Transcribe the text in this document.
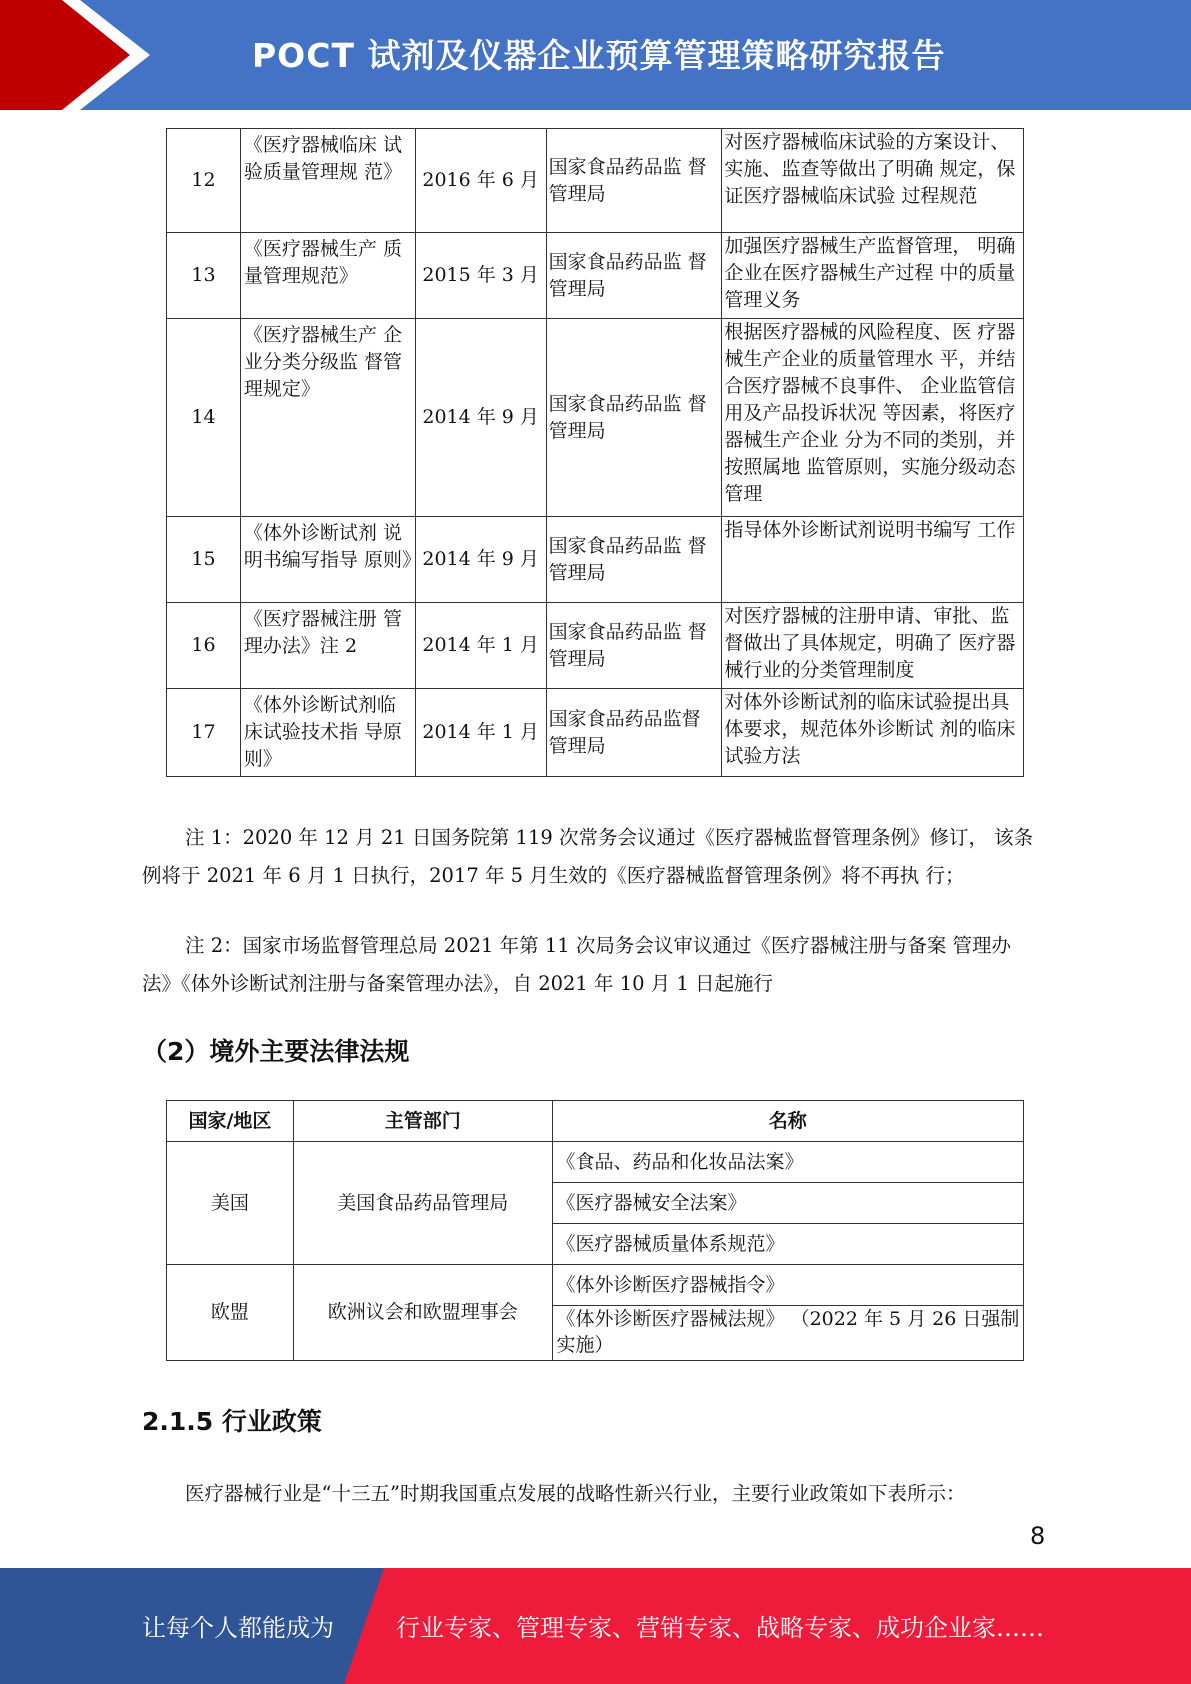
POCT 试剂及仪器企业预算管理策略研究报告
12	《医疗器械临床 试验质量管理规 范》	2016 年 6 月	国家食品药品监 督管理局	对医疗器械临床试验的方案设计、实施、监查等做出了明确 规定，保证医疗器械临床试验 过程规范
13	《医疗器械生产 质量管理规范》	2015 年 3 月	国家食品药品监 督管理局	加强医疗器械生产监督管理， 明确企业在医疗器械生产过程 中的质量管理义务
14	《医疗器械生产 企业分类分级监 督管理规定》	2014 年 9 月	国家食品药品监 督管理局	根据医疗器械的风险程度、医 疗器械生产企业的质量管理水 平，并结合医疗器械不良事件、 企业监管信用及产品投诉状况 等因素，将医疗器械生产企业 分为不同的类别，并按照属地 监管原则，实施分级动态管理
15	《体外诊断试剂 说明书编写指导 原则》	2014 年 9 月	国家食品药品监 督管理局	指导体外诊断试剂说明书编写 工作
16	《医疗器械注册 管理办法》注 2	2014 年 1 月	国家食品药品监 督管理局	对医疗器械的注册申请、审批、监督做出了具体规定，明确了 医疗器械行业的分类管理制度
17	《体外诊断试剂临床试验技术指 导原则》	2014 年 1 月	国家食品药品监督管理局	对体外诊断试剂的临床试验提出具体要求，规范体外诊断试 剂的临床试验方法
注 1：2020 年 12 月 21 日国务院第 119 次常务会议通过《医疗器械监督管理条例》修订， 该条例将于 2021 年 6 月 1 日执行，2017 年 5 月生效的《医疗器械监督管理条例》将不再执 行；
注 2：国家市场监督管理总局 2021 年第 11 次局务会议审议通过《医疗器械注册与备案 管理办法》《体外诊断试剂注册与备案管理办法》，自 2021 年 10 月 1 日起施行
（2）境外主要法律法规
国家/地区	主管部门	名称
美国	美国食品药品管理局	《食品、药品和化妆品法案》
		《医疗器械安全法案》
		《医疗器械质量体系规范》
欧盟	欧洲议会和欧盟理事会	《体外诊断医疗器械指令》
		《体外诊断医疗器械法规》 （2022 年 5 月 26 日强制实施）
2.1.5 行业政策
医疗器械行业是“十三五”时期我国重点发展的战略性新兴行业，主要行业政策如下表所示：
8
让每个人都能成为	行业专家、管理专家、营销专家、战略专家、成功企业家……
